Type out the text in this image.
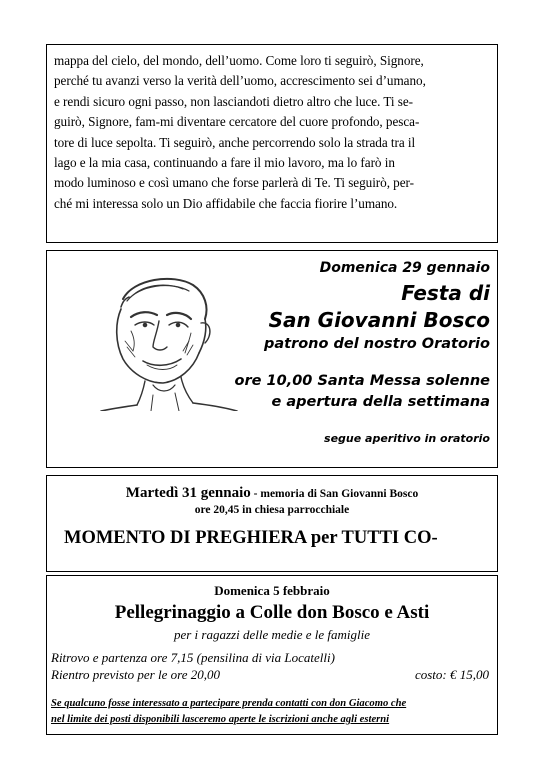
mappa del cielo, del mondo, dell’uomo. Come loro ti seguirò, Signore,

perché tu avanzi verso la verità dell’uomo, accrescimento sei d’umano,

e rendi sicuro ogni passo, non lasciandoti dietro altro che luce. Ti se-

guirò, Signore, fam-mi diventare cercatore del cuore profondo, pesca-

tore di luce sepolta. Ti seguirò, anche percorrendo solo la strada tra il

lago e la mia casa, continuando a fare il mio lavoro, ma lo farò in

modo luminoso e così umano che forse parlerà di Te. Ti seguirò, per-

ché mi interessa solo un Dio affidabile che faccia fiorire l’umano.

Domenica 29 gennaio
Festa di
San Giovanni Bosco
patrono del nostro Oratorio
ore 10,00 Santa Messa solenne
e apertura della settimana
segue aperitivo in oratorio
Martedì 31 gennaio - memoria di San Giovanni Bosco
ore 20,45 in chiesa parrocchiale
MOMENTO DI PREGHIERA per TUTTI CO-
Domenica 5 febbraio
Pellegrinaggio a Colle don Bosco e Asti
per i ragazzi delle medie e le famiglie
Ritrovo e partenza ore 7,15 (pensilina di via Locatelli)
Rientro previsto per le ore 20,00	costo: € 15,00
Se qualcuno fosse interessato a partecipare prenda contatti con don Giacomo che
nel limite dei posti disponibili lasceremo aperte le iscrizioni anche agli esterni
